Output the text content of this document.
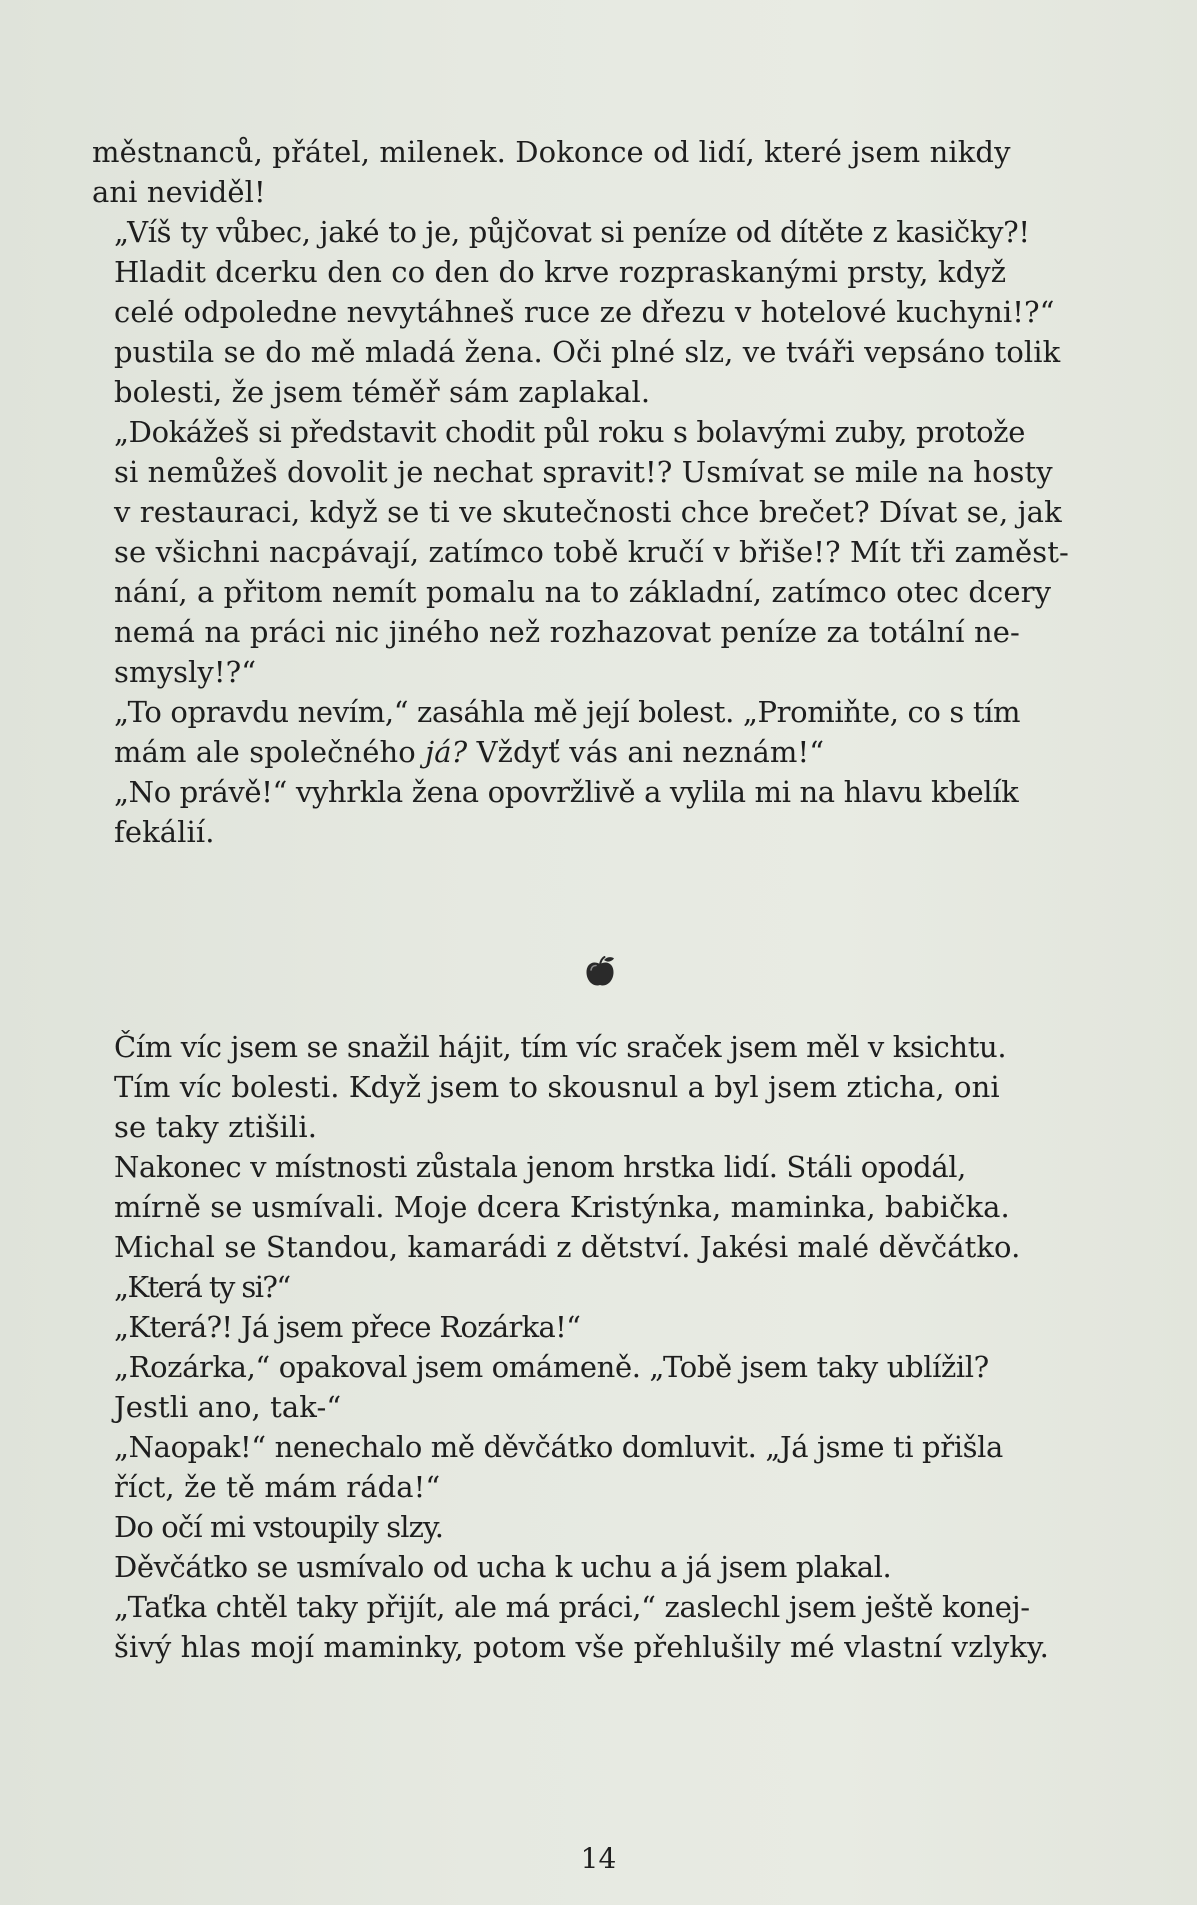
městnanců, přátel, milenek. Dokonce od lidí, které jsem nikdy
ani neviděl!

„Víš ty vůbec, jaké to je, půjčovat si peníze od dítěte z kasičky?!
Hladit dcerku den co den do krve rozpraskanými prsty, když
celé odpoledne nevytáhneš ruce ze dřezu v hotelové kuchyni!?“
pustila se do mě mladá žena. Oči plné slz, ve tváři vepsáno tolik
bolesti, že jsem téměř sám zaplakal.

„Dokážeš si představit chodit půl roku s bolavými zuby, protože
si nemůžeš dovolit je nechat spravit!? Usmívat se mile na hosty
v restauraci, když se ti ve skutečnosti chce brečet? Dívat se, jak
se všichni nacpávají, zatímco tobě kručí v břiše!? Mít tři zaměst-
nání, a přitom nemít pomalu na to základní, zatímco otec dcery
nemá na práci nic jiného než rozhazovat peníze za totální ne-
smysly!?“

„To opravdu nevím,“ zasáhla mě její bolest. „Promiňte, co s tím
mám ale společného já? Vždyť vás ani neznám!“

„No právě!“ vyhrkla žena opovržlivě a vylila mi na hlavu kbelík
fekálií.

Čím víc jsem se snažil hájit, tím víc sraček jsem měl v ksichtu.
Tím víc bolesti. Když jsem to skousnul a byl jsem zticha, oni
se taky ztišili.

Nakonec v místnosti zůstala jenom hrstka lidí. Stáli opodál,
mírně se usmívali. Moje dcera Kristýnka, maminka, babička.
Michal se Standou, kamarádi z dětství. Jakési malé děvčátko.

„Která ty si?“

„Která?! Já jsem přece Rozárka!“

„Rozárka,“ opakoval jsem omámeně. „Tobě jsem taky ublížil?
Jestli ano, tak-“

„Naopak!“ nenechalo mě děvčátko domluvit. „Já jsme ti přišla
říct, že tě mám ráda!“

Do očí mi vstoupily slzy.

Děvčátko se usmívalo od ucha k uchu a já jsem plakal.

„Taťka chtěl taky přijít, ale má práci,“ zaslechl jsem ještě konej-
šivý hlas mojí maminky, potom vše přehlušily mé vlastní vzlyky.

14
